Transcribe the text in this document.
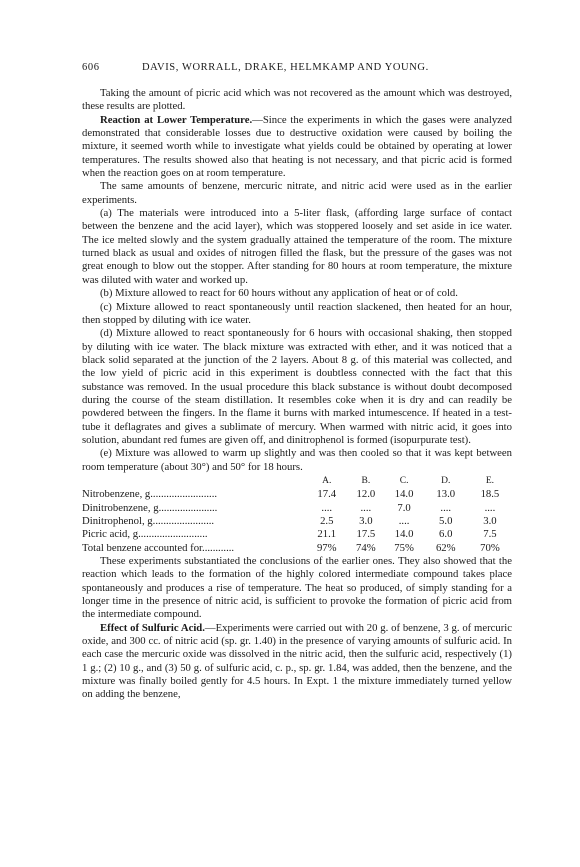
606	DAVIS, WORRALL, DRAKE, HELMKAMP AND YOUNG.

Taking the amount of picric acid which was not recovered as the amount which was destroyed, these results are plotted.

Reaction at Lower Temperature.—Since the experiments in which the gases were analyzed demonstrated that considerable losses due to destructive oxidation were caused by boiling the mixture, it seemed worth while to investigate what yields could be obtained by operating at lower temperatures. The results showed also that heating is not necessary, and that picric acid is formed when the reaction goes on at room temperature.

The same amounts of benzene, mercuric nitrate, and nitric acid were used as in the earlier experiments.

(a) The materials were introduced into a 5-liter flask, (affording large surface of contact between the benzene and the acid layer), which was stoppered loosely and set aside in ice water. The ice melted slowly and the system gradually attained the temperature of the room. The mixture turned black as usual and oxides of nitrogen filled the flask, but the pressure of the gases was not great enough to blow out the stopper. After standing for 80 hours at room temperature, the mixture was diluted with water and worked up.

(b) Mixture allowed to react for 60 hours without any application of heat or of cold.

(c) Mixture allowed to react spontaneously until reaction slackened, then heated for an hour, then stopped by diluting with ice water.

(d) Mixture allowed to react spontaneously for 6 hours with occasional shaking, then stopped by diluting with ice water. The black mixture was extracted with ether, and it was noticed that a black solid separated at the junction of the 2 layers. About 8 g. of this material was collected, and the low yield of picric acid in this experiment is doubtless connected with the fact that this substance was removed. In the usual procedure this black substance is without doubt decomposed during the course of the steam distillation. It resembles coke when it is dry and can readily be powdered between the fingers. In the flame it burns with marked intumescence. If heated in a test-tube it deflagrates and gives a sublimate of mercury. When warmed with nitric acid, it goes into solution, abundant red fumes are given off, and dinitrophenol is formed (isopurpurate test).

(e) Mixture was allowed to warm up slightly and was then cooled so that it was kept between room temperature (about 30°) and 50° for 18 hours.

A.	B.	C.	D.	E.
Nitrobenzene, g.........................	17.4	12.0	14.0	13.0	18.5
Dinitrobenzene, g......................	....	....	7.0	....	....
Dinitrophenol, g.......................	2.5	3.0	....	5.0	3.0
Picric acid, g..........................	21.1	17.5	14.0	6.0	7.5
Total benzene accounted for............	97%	74%	75%	62%	70%

These experiments substantiated the conclusions of the earlier ones. They also showed that the reaction which leads to the formation of the highly colored intermediate compound takes place spontaneously and produces a rise of temperature. The heat so produced, of simply standing for a longer time in the presence of nitric acid, is sufficient to provoke the formation of picric acid from the intermediate compound.

Effect of Sulfuric Acid.—Experiments were carried out with 20 g. of benzene, 3 g. of mercuric oxide, and 300 cc. of nitric acid (sp. gr. 1.40) in the presence of varying amounts of sulfuric acid. In each case the mercuric oxide was dissolved in the nitric acid, then the sulfuric acid, respectively (1) 1 g.; (2) 10 g., and (3) 50 g. of sulfuric acid, c. p., sp. gr. 1.84, was added, then the benzene, and the mixture was finally boiled gently for 4.5 hours. In Expt. 1 the mixture immediately turned yellow on adding the benzene,
